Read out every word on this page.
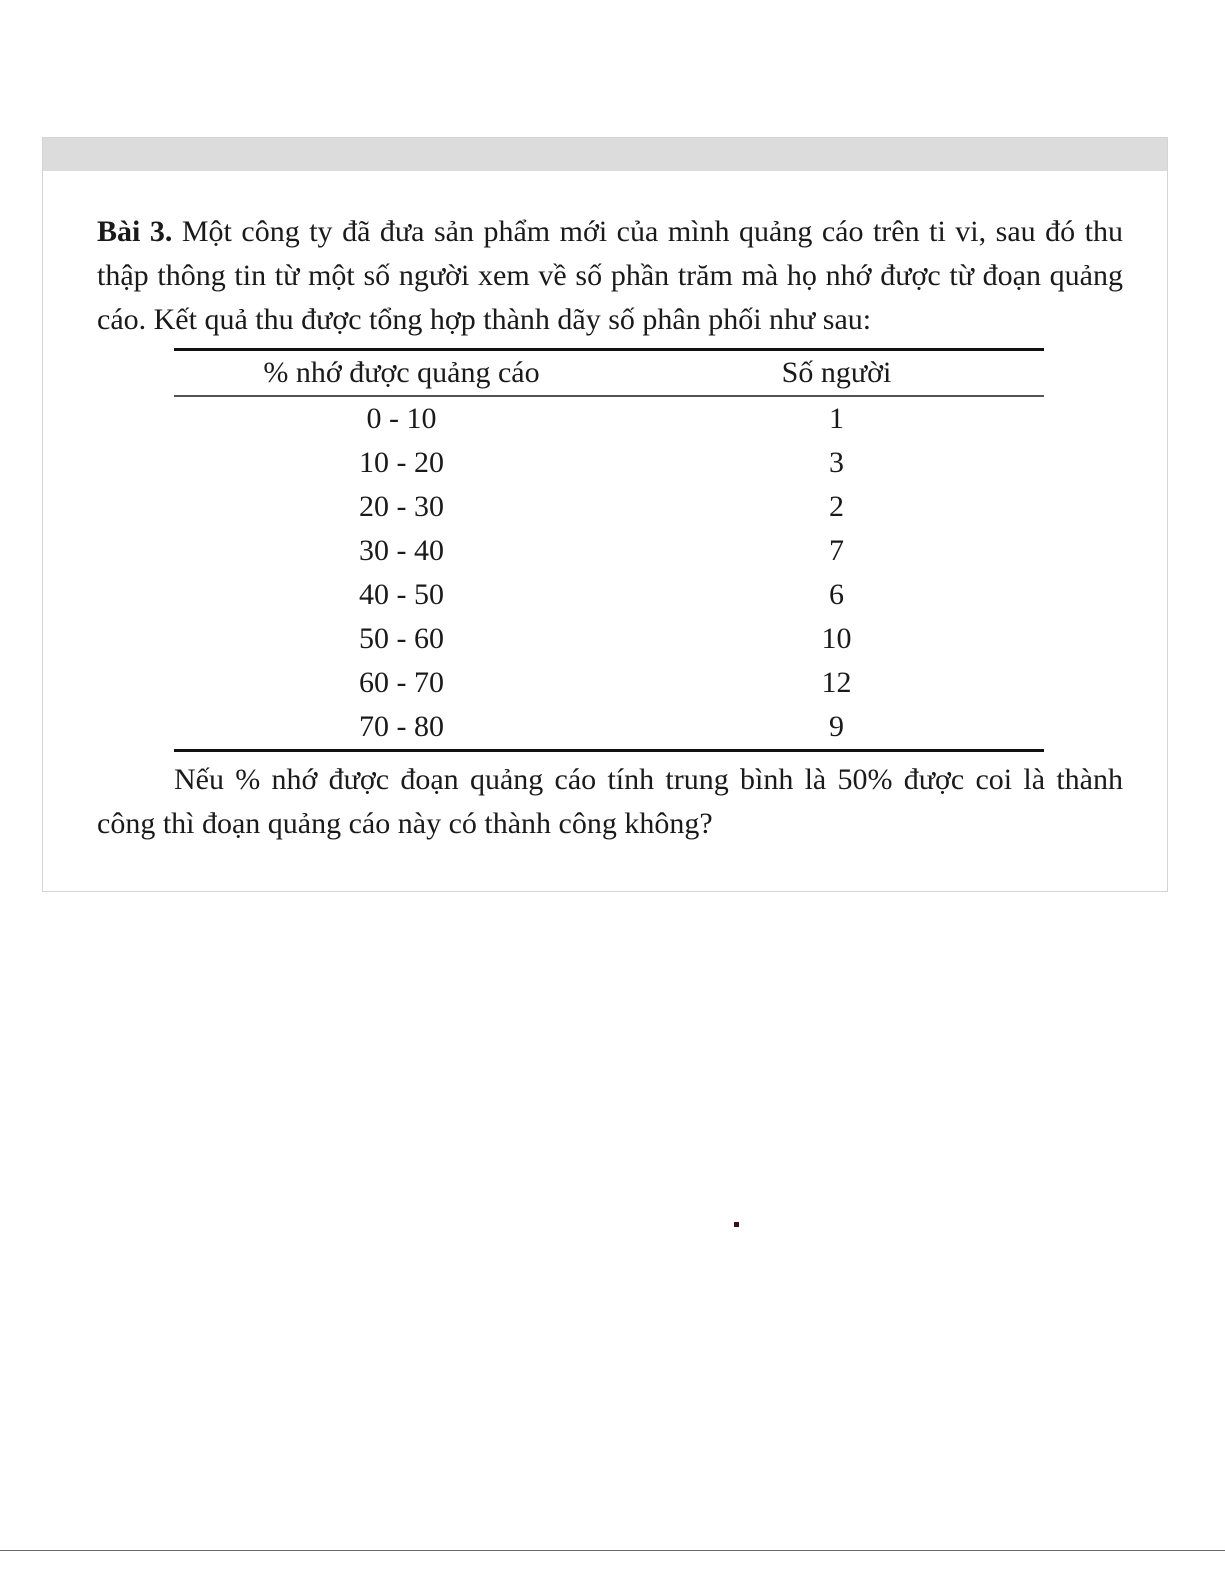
Bài 3. Một công ty đã đưa sản phẩm mới của mình quảng cáo trên ti vi, sau đó thu thập thông tin từ một số người xem về số phần trăm mà họ nhớ được từ đoạn quảng cáo. Kết quả thu được tổng hợp thành dãy số phân phối như sau:

% nhớ được quảng cáo	Số người
0 - 10	1
10 - 20	3
20 - 30	2
30 - 40	7
40 - 50	6
50 - 60	10
60 - 70	12
70 - 80	9

Nếu % nhớ được đoạn quảng cáo tính trung bình là 50% được coi là thành công thì đoạn quảng cáo này có thành công không?
